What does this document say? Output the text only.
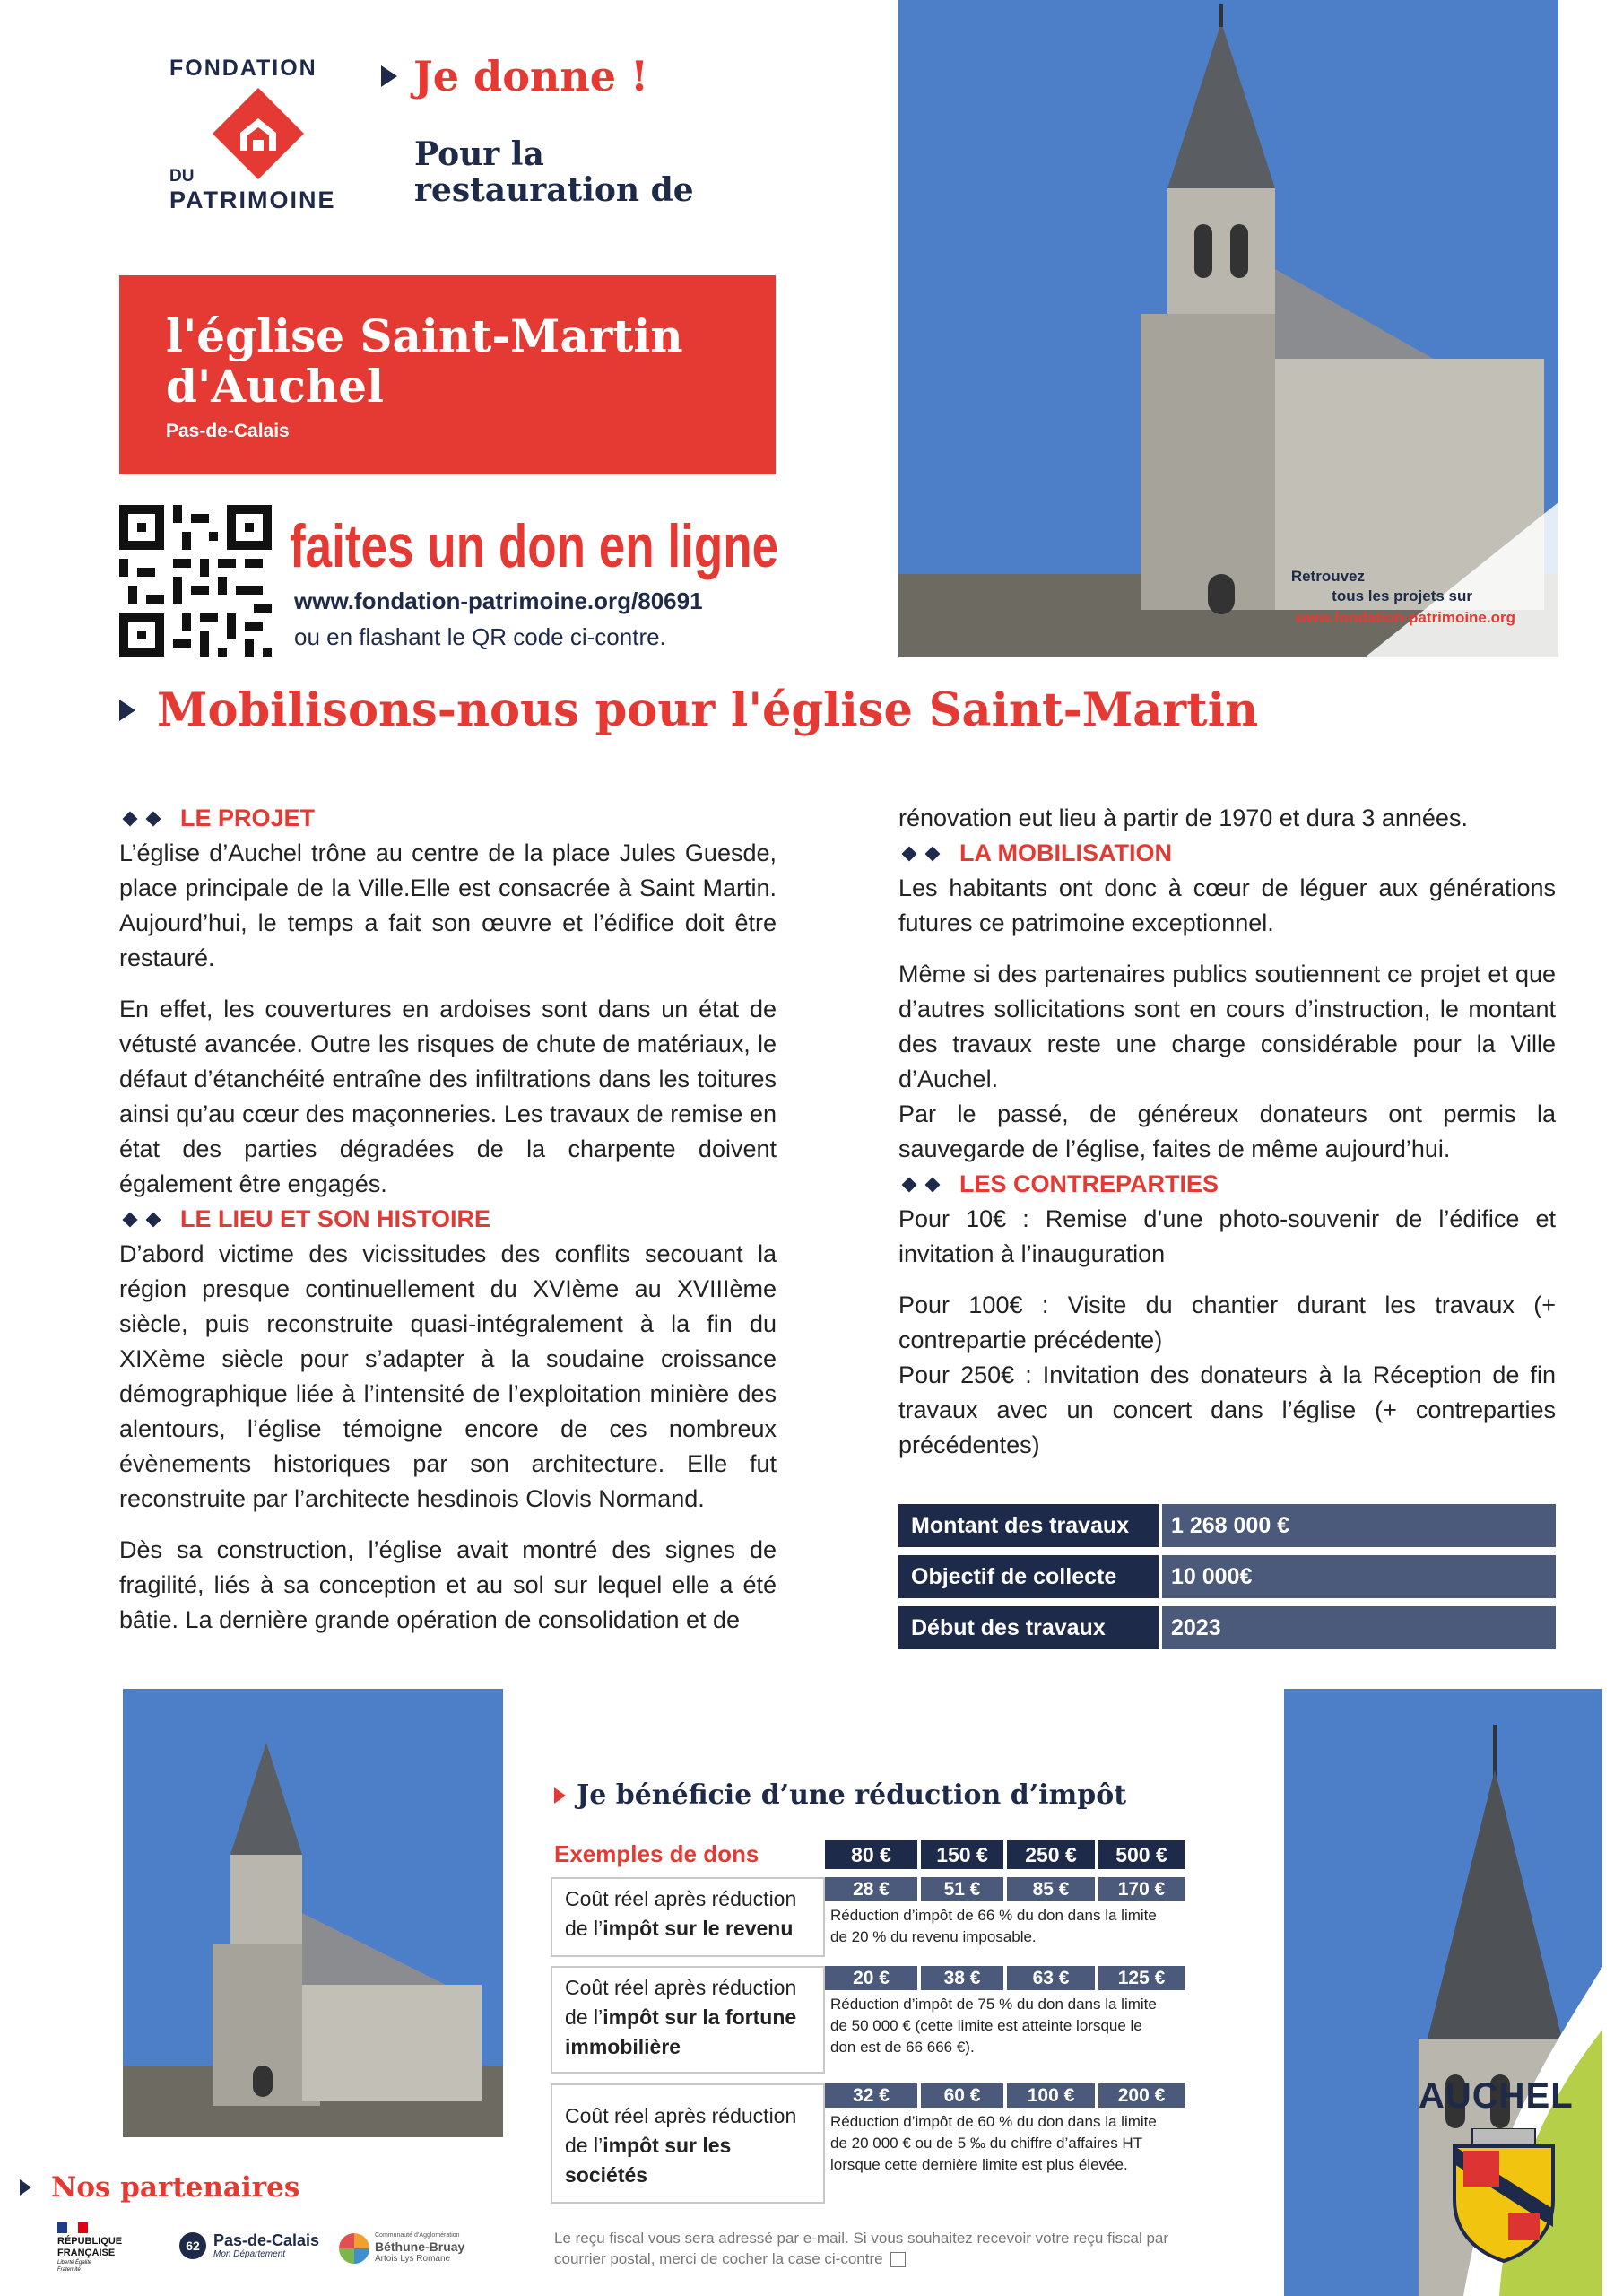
FONDATION
DU
PATRIMOINE
Je donne !
Pour la
restauration de
l'église Saint-Martin
d'Auchel
Pas-de-Calais
faites un don en ligne
www.fondation-patrimoine.org/80691
ou en flashant le QR code ci-contre.
Retrouvez
tous les projets sur
www.fondation-patrimoine.org
Mobilisons-nous pour l'église Saint-Martin
LE PROJET

L’église d’Auchel trône au centre de la place Jules Guesde, place principale de la Ville.Elle est consacrée à Saint Martin. Aujourd’hui, le temps a fait son œuvre et l’édifice doit être restauré.

En effet, les couvertures en ardoises sont dans un état de vétusté avancée. Outre les risques de chute de matériaux, le défaut d’étanchéité entraîne des infiltrations dans les toitures ainsi qu’au cœur des maçonneries. Les travaux de remise en état des parties dégradées de la charpente doivent également être engagés.

LE LIEU ET SON HISTOIRE

D’abord victime des vicissitudes des conflits secouant la région presque continuellement du XVIème au XVIIIème siècle, puis reconstruite quasi-intégralement à la fin du XIXème siècle pour s’adapter à la soudaine croissance démographique liée à l’intensité de l’exploitation minière des alentours, l’église témoigne encore de ces nombreux évènements historiques par son architecture. Elle fut reconstruite par l’architecte hesdinois Clovis Normand.

Dès sa construction, l’église avait montré des signes de fragilité, liés à sa conception et au sol sur lequel elle a été bâtie. La dernière grande opération de consolidation et de

rénovation eut lieu à partir de 1970 et dura 3 années.

LA MOBILISATION

Les habitants ont donc à cœur de léguer aux générations futures ce patrimoine exceptionnel.

Même si des partenaires publics soutiennent ce projet et que d’autres sollicitations sont en cours d’instruction, le montant des travaux reste une charge considérable pour la Ville d’Auchel.

Par le passé, de généreux donateurs ont permis la sauvegarde de l’église, faites de même aujourd’hui.

LES CONTREPARTIES

Pour 10€ : Remise d’une photo-souvenir de l’édifice et invitation à l’inauguration

Pour 100€ : Visite du chantier durant les travaux (+ contrepartie précédente)

Pour 250€ : Invitation des donateurs à la Réception de fin travaux avec un concert dans l’église (+ contreparties précédentes)

Montant des travaux	1 268 000 €
Objectif de collecte	10 000€
Début des travaux	2023
Je bénéficie d’une réduction d’impôt
Exemples de dons	80 €	150 €	250 €	500 €
Coût réel après réduction
de l’impôt sur le revenu
28 €	51 €	85 €	170 €
Réduction d’impôt de 66 % du don dans la limite de 20 % du revenu imposable.
Coût réel après réduction
de l’impôt sur la fortune
immobilière
20 €	38 €	63 €	125 €
Réduction d’impôt de 75 % du don dans la limite de 50 000 € (cette limite est atteinte lorsque le don est de 66 666 €).
Coût réel après réduction
de l’impôt sur les
sociétés
32 €	60 €	100 €	200 €
Réduction d’impôt de 60 % du don dans la limite de 20 000 € ou de 5 ‰ du chiffre d’affaires HT lorsque cette dernière limite est plus élevée.
Le reçu fiscal vous sera adressé par e-mail. Si vous souhaitez recevoir votre reçu fiscal par courrier postal, merci de cocher la case ci-contre
Nos partenaires
RÉPUBLIQUE
FRANÇAISE
Liberté Égalité Fraternité
62 Pas-de-Calais
Mon Département
Communauté d’Agglomération
Béthune-Bruay
Artois Lys Romane
AUCHEL
